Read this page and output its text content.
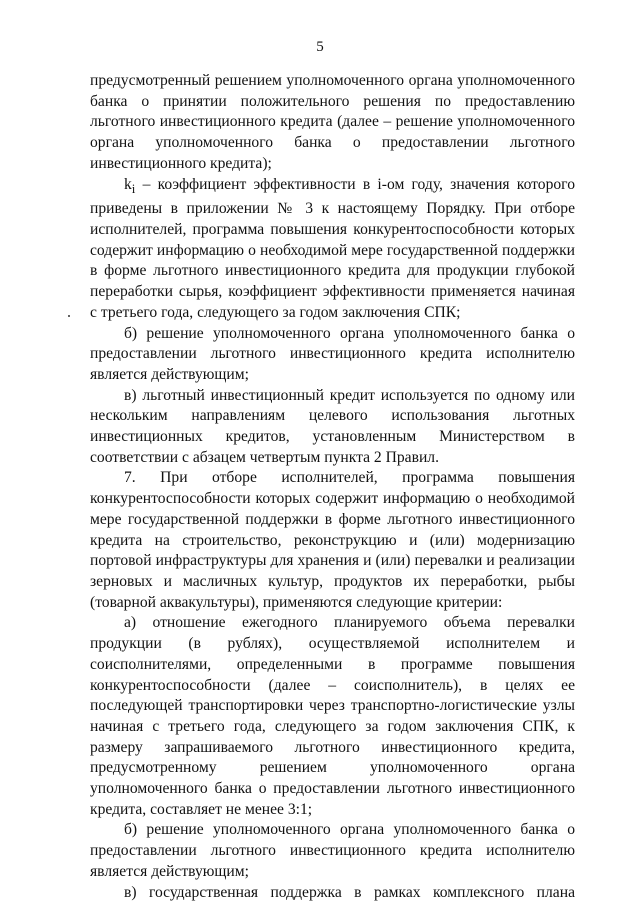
5

предусмотренный решением уполномоченного органа уполномоченного банка о принятии положительного решения по предоставлению льготного инвестиционного кредита (далее – решение уполномоченного органа уполномоченного банка о предоставлении льготного инвестиционного кредита);

$k_i$ – коэффициент эффективности в i-ом году, значения которого приведены в приложении № 3 к настоящему Порядку. При отборе исполнителей, программа повышения конкурентоспособности которых содержит информацию о необходимой мере государственной поддержки в форме льготного инвестиционного кредита для продукции глубокой переработки сырья, коэффициент эффективности применяется начиная с третьего года, следующего за годом заключения СПК;

б) решение уполномоченного органа уполномоченного банка о предоставлении льготного инвестиционного кредита исполнителю является действующим;

в) льготный инвестиционный кредит используется по одному или нескольким направлениям целевого использования льготных инвестиционных кредитов, установленным Министерством в соответствии с абзацем четвертым пункта 2 Правил.

7. При отборе исполнителей, программа повышения конкурентоспособности которых содержит информацию о необходимой мере государственной поддержки в форме льготного инвестиционного кредита на строительство, реконструкцию и (или) модернизацию портовой инфраструктуры для хранения и (или) перевалки и реализации зерновых и масличных культур, продуктов их переработки, рыбы (товарной аквакультуры), применяются следующие критерии:

а) отношение ежегодного планируемого объема перевалки продукции (в рублях), осуществляемой исполнителем и соисполнителями, определенными в программе повышения конкурентоспособности (далее – соисполнитель), в целях ее последующей транспортировки через транспортно-логистические узлы начиная с третьего года, следующего за годом заключения СПК, к размеру запрашиваемого льготного инвестиционного кредита, предусмотренному решением уполномоченного органа уполномоченного банка о предоставлении льготного инвестиционного кредита, составляет не менее 3:1;

б) решение уполномоченного органа уполномоченного банка о предоставлении льготного инвестиционного кредита исполнителю является действующим;

в) государственная поддержка в рамках комплексного плана
